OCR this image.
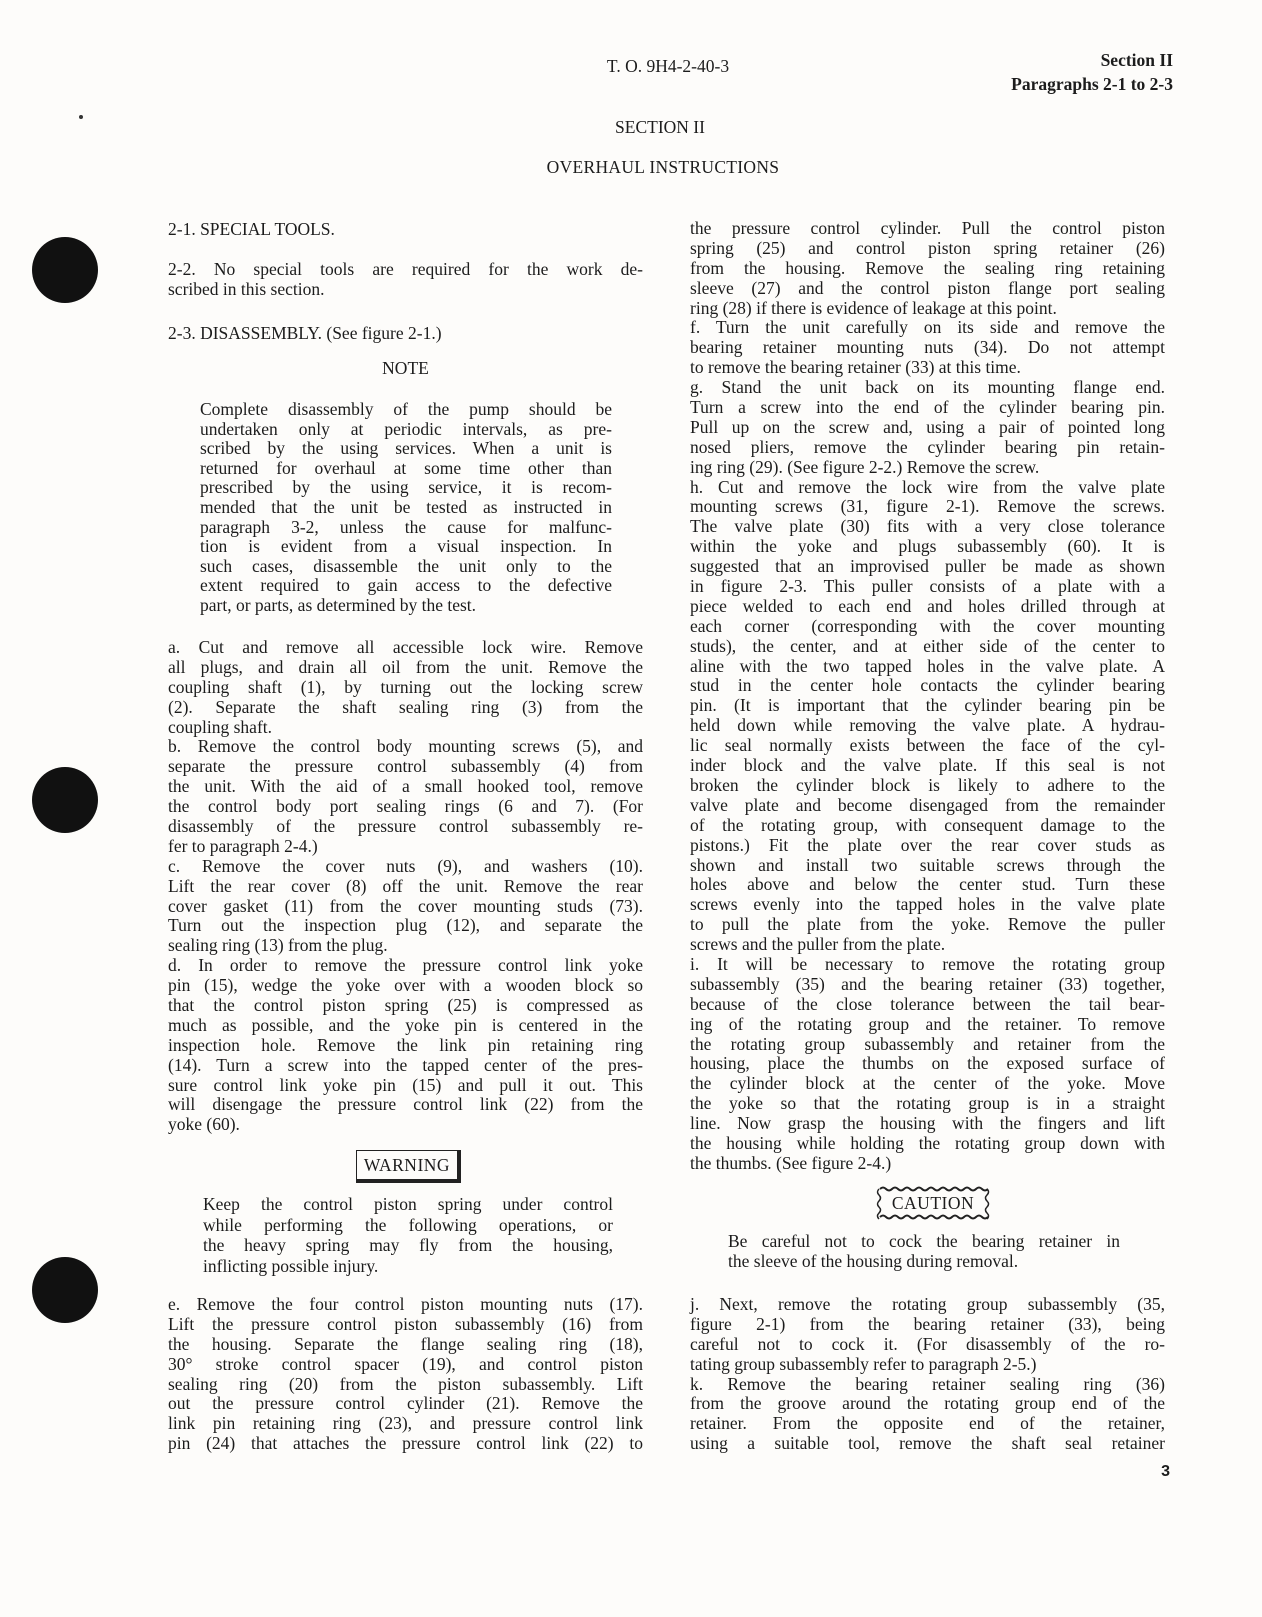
T. O. 9H4-2-40-3	Section II
Paragraphs 2-1 to 2-3
SECTION II
OVERHAUL INSTRUCTIONS
2-1. SPECIAL TOOLS.
2-2. No special tools are required for the work de-
scribed in this section.
2-3. DISASSEMBLY. (See figure 2-1.)
NOTE
Complete disassembly of the pump should be
undertaken only at periodic intervals, as pre-
scribed by the using services. When a unit is
returned for overhaul at some time other than
prescribed by the using service, it is recom-
mended that the unit be tested as instructed in
paragraph 3-2, unless the cause for malfunc-
tion is evident from a visual inspection. In
such cases, disassemble the unit only to the
extent required to gain access to the defective
part, or parts, as determined by the test.
a. Cut and remove all accessible lock wire. Remove
all plugs, and drain all oil from the unit. Remove the
coupling shaft (1), by turning out the locking screw
(2). Separate the shaft sealing ring (3) from the
coupling shaft.
b. Remove the control body mounting screws (5), and
separate the pressure control subassembly (4) from
the unit. With the aid of a small hooked tool, remove
the control body port sealing rings (6 and 7). (For
disassembly of the pressure control subassembly re-
fer to paragraph 2-4.)
c. Remove the cover nuts (9), and washers (10).
Lift the rear cover (8) off the unit. Remove the rear
cover gasket (11) from the cover mounting studs (73).
Turn out the inspection plug (12), and separate the
sealing ring (13) from the plug.
d. In order to remove the pressure control link yoke
pin (15), wedge the yoke over with a wooden block so
that the control piston spring (25) is compressed as
much as possible, and the yoke pin is centered in the
inspection hole. Remove the link pin retaining ring
(14). Turn a screw into the tapped center of the pres-
sure control link yoke pin (15) and pull it out. This
will disengage the pressure control link (22) from the
yoke (60).
WARNING
Keep the control piston spring under control
while performing the following operations, or
the heavy spring may fly from the housing,
inflicting possible injury.
e. Remove the four control piston mounting nuts (17).
Lift the pressure control piston subassembly (16) from
the housing. Separate the flange sealing ring (18),
30° stroke control spacer (19), and control piston
sealing ring (20) from the piston subassembly. Lift
out the pressure control cylinder (21). Remove the
link pin retaining ring (23), and pressure control link
pin (24) that attaches the pressure control link (22) to
the pressure control cylinder. Pull the control piston
spring (25) and control piston spring retainer (26)
from the housing. Remove the sealing ring retaining
sleeve (27) and the control piston flange port sealing
ring (28) if there is evidence of leakage at this point.
f. Turn the unit carefully on its side and remove the
bearing retainer mounting nuts (34). Do not attempt
to remove the bearing retainer (33) at this time.
g. Stand the unit back on its mounting flange end.
Turn a screw into the end of the cylinder bearing pin.
Pull up on the screw and, using a pair of pointed long
nosed pliers, remove the cylinder bearing pin retain-
ing ring (29). (See figure 2-2.) Remove the screw.
h. Cut and remove the lock wire from the valve plate
mounting screws (31, figure 2-1). Remove the screws.
The valve plate (30) fits with a very close tolerance
within the yoke and plugs subassembly (60). It is
suggested that an improvised puller be made as shown
in figure 2-3. This puller consists of a plate with a
piece welded to each end and holes drilled through at
each corner (corresponding with the cover mounting
studs), the center, and at either side of the center to
aline with the two tapped holes in the valve plate. A
stud in the center hole contacts the cylinder bearing
pin. (It is important that the cylinder bearing pin be
held down while removing the valve plate. A hydrau-
lic seal normally exists between the face of the cyl-
inder block and the valve plate. If this seal is not
broken the cylinder block is likely to adhere to the
valve plate and become disengaged from the remainder
of the rotating group, with consequent damage to the
pistons.) Fit the plate over the rear cover studs as
shown and install two suitable screws through the
holes above and below the center stud. Turn these
screws evenly into the tapped holes in the valve plate
to pull the plate from the yoke. Remove the puller
screws and the puller from the plate.
i. It will be necessary to remove the rotating group
subassembly (35) and the bearing retainer (33) together,
because of the close tolerance between the tail bear-
ing of the rotating group and the retainer. To remove
the rotating group subassembly and retainer from the
housing, place the thumbs on the exposed surface of
the cylinder block at the center of the yoke. Move
the yoke so that the rotating group is in a straight
line. Now grasp the housing with the fingers and lift
the housing while holding the rotating group down with
the thumbs. (See figure 2-4.)
CAUTION
Be careful not to cock the bearing retainer in
the sleeve of the housing during removal.
j. Next, remove the rotating group subassembly (35,
figure 2-1) from the bearing retainer (33), being
careful not to cock it. (For disassembly of the ro-
tating group subassembly refer to paragraph 2-5.)
k. Remove the bearing retainer sealing ring (36)
from the groove around the rotating group end of the
retainer. From the opposite end of the retainer,
using a suitable tool, remove the shaft seal retainer
3
